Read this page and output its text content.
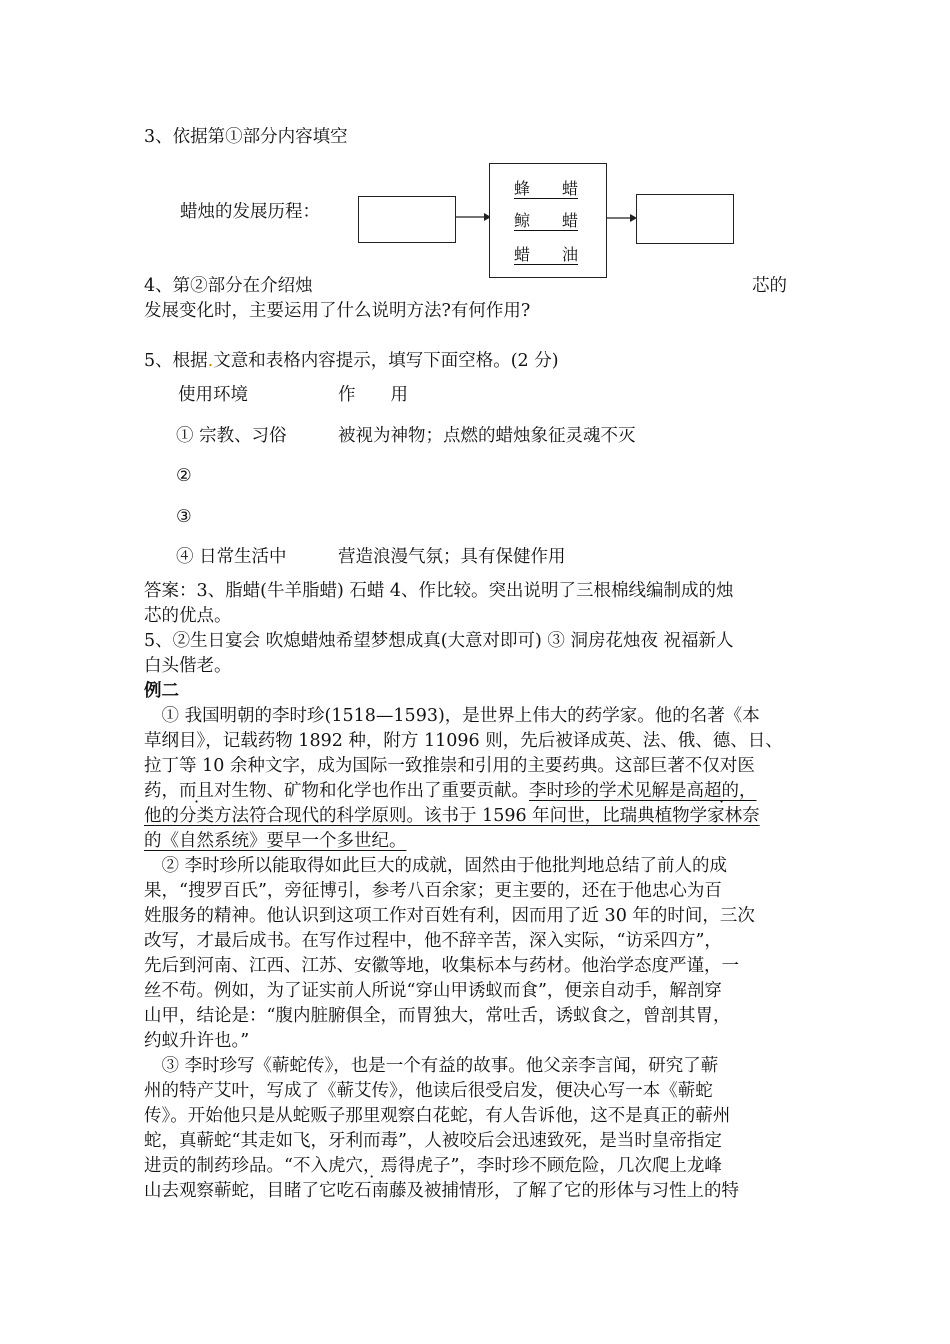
3、依据第①部分内容填空
蜡烛的发展历程：
蜂　　蜡
鲸　　蜡
蜡　　油
4、第②部分在介绍烛	芯的
发展变化时，主要运用了什么说明方法?有何作用?
5、根据.文意和表格内容提示，填写下面空格。(2 分)
使用环境	作　　用
① 宗教、习俗	被视为神物；点燃的蜡烛象征灵魂不灭
②
③
④ 日常生活中	营造浪漫气氛；具有保健作用
答案：3、脂蜡(牛羊脂蜡) 石蜡 4、作比较。突出说明了三根棉线编制成的烛
芯的优点。
5、②生日宴会 吹熄蜡烛希望梦想成真(大意对即可) ③ 洞房花烛夜 祝福新人
白头偕老。
例二
　① 我国明朝的李时珍(1518—1593)，是世界上伟大的药学家。他的名著《本
草纲目》，记载药物 1892 种，附方 11096 则，先后被译成英、法、俄、德、日、
拉丁等 10 余种文字，成为国际一致推崇和引用的主要药典。这部巨著不仅对医
药，而且对生物、矿物和化学也作出了重要贡献。李时珍的学术见解是高超的， ·
他的分类方法符合现代的科学原则。该书于 1596 年问世，比瑞典植物学家林奈
的《自然系统》要早一个多世纪。
　② 李时珍所以能取得如此巨大的成就，固然由于他批判地总结了前人的成
果，“搜罗百氏”，旁征博引，参考八百余家；更主要的，还在于他忠心为百
姓服务的精神。他认识到这项工作对百姓有利，因而用了近 30 年的时间，三次
改写，才最后成书。在写作过程中，他不辞辛苦，深入实际，“访采四方”，
先后到河南、江西、江苏、安徽等地，收集标本与药材。他治学态度严谨，一
丝不苟。例如，为了证实前人所说“穿山甲诱蚁而食”，便亲自动手，解剖穿
山甲，结论是：“腹内脏腑俱全，而胃独大，常吐舌，诱蚁食之，曾剖其胃，
约蚁升许也。”
　③ 李时珍写《蕲蛇传》，也是一个有益的故事。他父亲李言闻，研究了蕲
州的特产艾叶，写成了《蕲艾传》，他读后很受启发，便决心写一本《蕲蛇
传》。开始他只是从蛇贩子那里观察白花蛇，有人告诉他，这不是真正的蕲州
蛇，真蕲蛇“其走如飞，牙利而毒”，人被咬后会迅速致死，是当时皇帝指定
进贡的制药珍品。“不入虎穴，焉得虎子 ·”，李时珍不顾危险，几次爬上龙峰
山去观察蕲蛇，目睹了它吃石南藤及被捕情形，了解了它的形体与习性上的特
